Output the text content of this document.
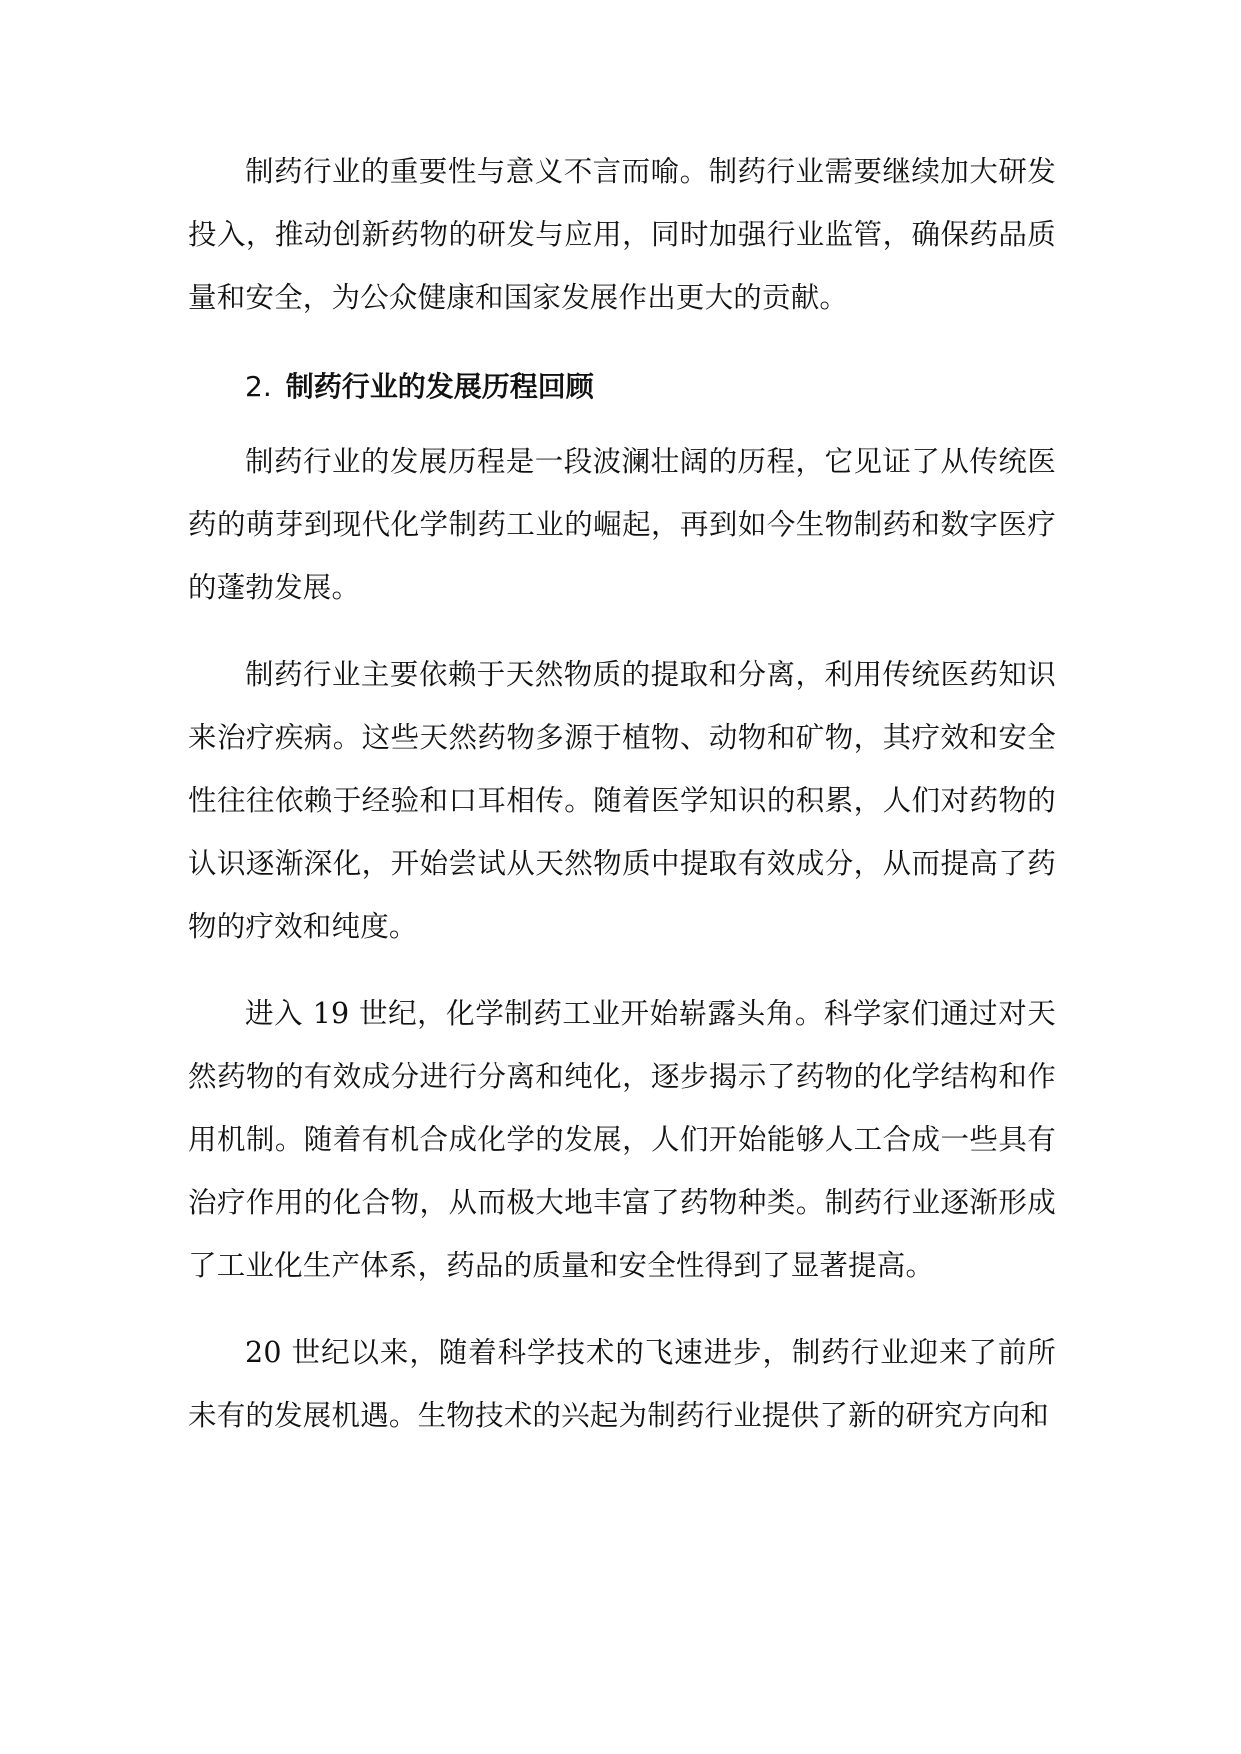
制药行业的重要性与意义不言而喻。制药行业需要继续加大研发投入，推动创新药物的研发与应用，同时加强行业监管，确保药品质量和安全，为公众健康和国家发展作出更大的贡献。

2. 制药行业的发展历程回顾

制药行业的发展历程是一段波澜壮阔的历程，它见证了从传统医药的萌芽到现代化学制药工业的崛起，再到如今生物制药和数字医疗的蓬勃发展。

制药行业主要依赖于天然物质的提取和分离，利用传统医药知识来治疗疾病。这些天然药物多源于植物、动物和矿物，其疗效和安全性往往依赖于经验和口耳相传。随着医学知识的积累，人们对药物的认识逐渐深化，开始尝试从天然物质中提取有效成分，从而提高了药物的疗效和纯度。

进入 19 世纪，化学制药工业开始崭露头角。科学家们通过对天然药物的有效成分进行分离和纯化，逐步揭示了药物的化学结构和作用机制。随着有机合成化学的发展，人们开始能够人工合成一些具有治疗作用的化合物，从而极大地丰富了药物种类。制药行业逐渐形成了工业化生产体系，药品的质量和安全性得到了显著提高。

20 世纪以来，随着科学技术的飞速进步，制药行业迎来了前所未有的发展机遇。生物技术的兴起为制药行业提供了新的研究方向和
